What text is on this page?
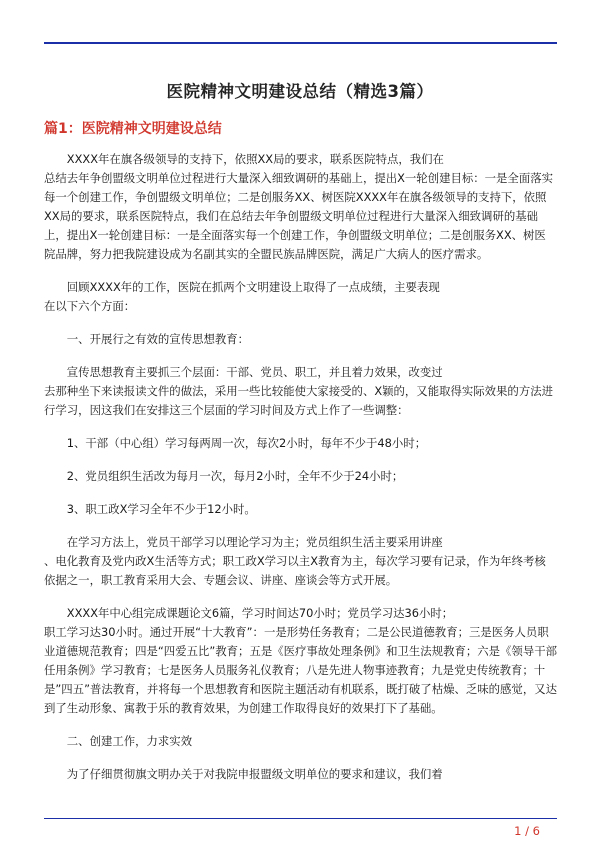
医院精神文明建设总结（精选3篇）
篇1：医院精神文明建设总结

　　XXXX年在旗各级领导的支持下，依照XX局的要求，联系医院特点，我们在

总结去年争创盟级文明单位过程进行大量深入细致调研的基础上，提出X一轮创建目标：一是全面落实每一个创建工作，争创盟级文明单位；二是创服务XX、树医院XXXX年在旗各级领导的支持下，依照XX局的要求，联系医院特点，我们在总结去年争创盟级文明单位过程进行大量深入细致调研的基础上，提出X一轮创建目标：一是全面落实每一个创建工作，争创盟级文明单位；二是创服务XX、树医院品牌，努力把我院建设成为名副其实的全盟民族品牌医院，满足广大病人的医疗需求。

　　回顾XXXX年的工作，医院在抓两个文明建设上取得了一点成绩，主要表现

在以下六个方面：

　　一、开展行之有效的宣传思想教育：

　　宣传思想教育主要抓三个层面：干部、党员、职工，并且着力效果，改变过

去那种坐下来读报读文件的做法，采用一些比较能使大家接受的、X颖的，又能取得实际效果的方法进行学习，因这我们在安排这三个层面的学习时间及方式上作了一些调整：

　　1、干部（中心组）学习每两周一次，每次2小时，每年不少于48小时；

　　2、党员组织生活改为每月一次，每月2小时，全年不少于24小时；

　　3、职工政X学习全年不少于12小时。

　　在学习方法上，党员干部学习以理论学习为主；党员组织生活主要采用讲座

、电化教育及党内政X生活等方式；职工政X学习以主X教育为主，每次学习要有记录，作为年终考核依据之一，职工教育采用大会、专题会议、讲座、座谈会等方式开展。

　　XXXX年中心组完成课题论文6篇，学习时间达70小时；党员学习达36小时；

职工学习达30小时。通过开展“十大教育”：一是形势任务教育；二是公民道德教育；三是医务人员职业道德规范教育；四是“四爱五比”教育；五是《医疗事故处理条例》和卫生法规教育；六是《领导干部任用条例》学习教育；七是医务人员服务礼仪教育；八是先进人物事迹教育；九是党史传统教育；十是”四五”普法教育，并将每一个思想教育和医院主题活动有机联系，既打破了枯燥、乏味的感觉，又达到了生动形象、寓教于乐的教育效果，为创建工作取得良好的效果打下了基础。

　　二、创建工作，力求实效

　　为了仔细贯彻旗文明办关于对我院申报盟级文明单位的要求和建议，我们着

1 / 6
